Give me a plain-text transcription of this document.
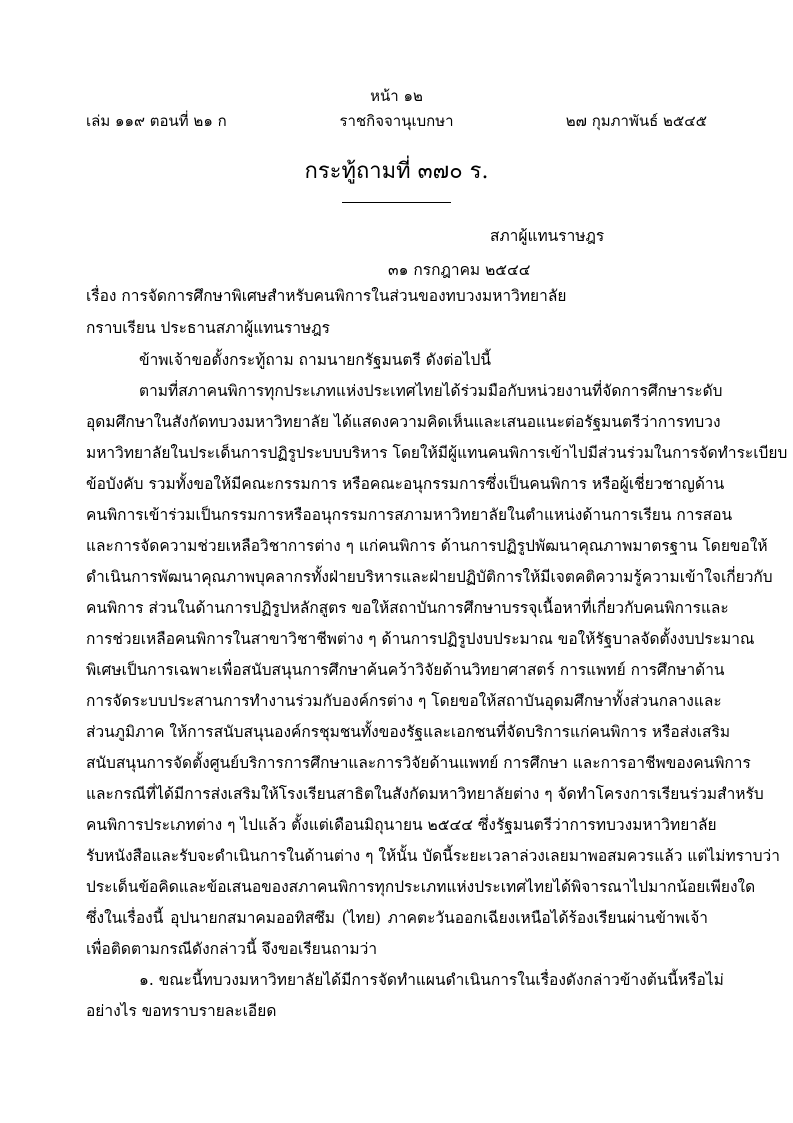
หน้า ๑๒
เล่ม ๑๑๙ ตอนที่ ๒๑ ก	ราชกิจจานุเบกษา	๒๗ กุมภาพันธ์ ๒๕๔๕
กระทู้ถามที่ ๓๗๐ ร.
สภาผู้แทนราษฎร
๓๑ กรกฎาคม ๒๕๔๔
เรื่อง การจัดการศึกษาพิเศษสำหรับคนพิการในส่วนของทบวงมหาวิทยาลัย
กราบเรียน ประธานสภาผู้แทนราษฎร
ข้าพเจ้าขอตั้งกระทู้ถาม ถามนายกรัฐมนตรี ดังต่อไปนี้
ตามที่สภาคนพิการทุกประเภทแห่งประเทศไทยได้ร่วมมือกับหน่วยงานที่จัดการศึกษาระดับ
อุดมศึกษาในสังกัดทบวงมหาวิทยาลัย ได้แสดงความคิดเห็นและเสนอแนะต่อรัฐมนตรีว่าการทบวง
มหาวิทยาลัยในประเด็นการปฏิรูประบบบริหาร โดยให้มีผู้แทนคนพิการเข้าไปมีส่วนร่วมในการจัดทำระเบียบ
ข้อบังคับ รวมทั้งขอให้มีคณะกรรมการ หรือคณะอนุกรรมการซึ่งเป็นคนพิการ หรือผู้เชี่ยวชาญด้าน
คนพิการเข้าร่วมเป็นกรรมการหรืออนุกรรมการสภามหาวิทยาลัยในตำแหน่งด้านการเรียน การสอน
และการจัดความช่วยเหลือวิชาการต่าง ๆ แก่คนพิการ ด้านการปฏิรูปพัฒนาคุณภาพมาตรฐาน โดยขอให้
ดำเนินการพัฒนาคุณภาพบุคลากรทั้งฝ่ายบริหารและฝ่ายปฏิบัติการให้มีเจตคติความรู้ความเข้าใจเกี่ยวกับ
คนพิการ ส่วนในด้านการปฏิรูปหลักสูตร ขอให้สถาบันการศึกษาบรรจุเนื้อหาที่เกี่ยวกับคนพิการและ
การช่วยเหลือคนพิการในสาขาวิชาชีพต่าง ๆ ด้านการปฏิรูปงบประมาณ ขอให้รัฐบาลจัดตั้งงบประมาณ
พิเศษเป็นการเฉพาะเพื่อสนับสนุนการศึกษาค้นคว้าวิจัยด้านวิทยาศาสตร์ การแพทย์ การศึกษาด้าน
การจัดระบบประสานการทำงานร่วมกับองค์กรต่าง ๆ โดยขอให้สถาบันอุดมศึกษาทั้งส่วนกลางและ
ส่วนภูมิภาค ให้การสนับสนุนองค์กรชุมชนทั้งของรัฐและเอกชนที่จัดบริการแก่คนพิการ หรือส่งเสริม
สนับสนุนการจัดตั้งศูนย์บริการการศึกษาและการวิจัยด้านแพทย์ การศึกษา และการอาชีพของคนพิการ
และกรณีที่ได้มีการส่งเสริมให้โรงเรียนสาธิตในสังกัดมหาวิทยาลัยต่าง ๆ จัดทำโครงการเรียนร่วมสำหรับ
คนพิการประเภทต่าง ๆ ไปแล้ว ตั้งแต่เดือนมิถุนายน ๒๕๔๔ ซึ่งรัฐมนตรีว่าการทบวงมหาวิทยาลัย
รับหนังสือและรับจะดำเนินการในด้านต่าง ๆ ให้นั้น บัดนี้ระยะเวลาล่วงเลยมาพอสมควรแล้ว แต่ไม่ทราบว่า
ประเด็นข้อคิดและข้อเสนอของสภาคนพิการทุกประเภทแห่งประเทศไทยได้พิจารณาไปมากน้อยเพียงใด
ซึ่งในเรื่องนี้ อุปนายกสมาคมออทิสซึม (ไทย) ภาคตะวันออกเฉียงเหนือได้ร้องเรียนผ่านข้าพเจ้า
เพื่อติดตามกรณีดังกล่าวนี้ จึงขอเรียนถามว่า
๑. ขณะนี้ทบวงมหาวิทยาลัยได้มีการจัดทำแผนดำเนินการในเรื่องดังกล่าวข้างต้นนี้หรือไม่
อย่างไร ขอทราบรายละเอียด
